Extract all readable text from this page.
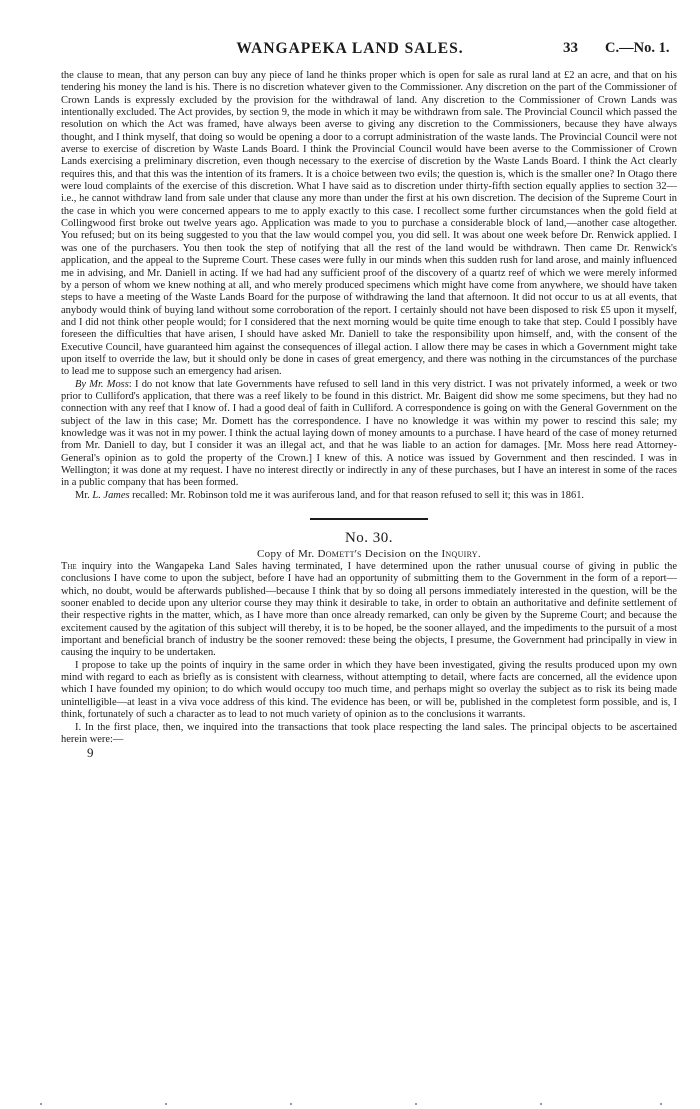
WANGAPEKA LAND SALES.	33 C.—No. 1.

the clause to mean, that any person can buy any piece of land he thinks proper which is open for sale as rural land at £2 an acre, and that on his tendering his money the land is his. There is no discretion whatever given to the Commissioner. Any discretion on the part of the Commissioner of Crown Lands is expressly excluded by the provision for the withdrawal of land. Any discretion to the Commissioner of Crown Lands was intentionally excluded. The Act provides, by section 9, the mode in which it may be withdrawn from sale. The Provincial Council which passed the resolution on which the Act was framed, have always been averse to giving any discretion to the Commissioners, because they have always thought, and I think myself, that doing so would be opening a door to a corrupt administration of the waste lands. The Provincial Council were not averse to exercise of discretion by Waste Lands Board. I think the Provincial Council would have been averse to the Commissioner of Crown Lands exercising a preliminary discretion, even though necessary to the exercise of discretion by the Waste Lands Board. I think the Act clearly requires this, and that this was the intention of its framers. It is a choice between two evils; the question is, which is the smaller one? In Otago there were loud complaints of the exercise of this discretion. What I have said as to discretion under thirty-fifth section equally applies to section 32—i.e., he cannot withdraw land from sale under that clause any more than under the first at his own discretion. The decision of the Supreme Court in the case in which you were concerned appears to me to apply exactly to this case. I recollect some further circumstances when the gold field at Collingwood first broke out twelve years ago. Application was made to you to purchase a considerable block of land,—another case altogether. You refused; but on its being suggested to you that the law would compel you, you did sell. It was about one week before Dr. Renwick applied. I was one of the purchasers. You then took the step of notifying that all the rest of the land would be withdrawn. Then came Dr. Renwick's application, and the appeal to the Supreme Court. These cases were fully in our minds when this sudden rush for land arose, and mainly influenced me in advising, and Mr. Daniell in acting. If we had had any sufficient proof of the discovery of a quartz reef of which we were merely informed by a person of whom we knew nothing at all, and who merely produced specimens which might have come from anywhere, we should have taken steps to have a meeting of the Waste Lands Board for the purpose of withdrawing the land that afternoon. It did not occur to us at all events, that anybody would think of buying land without some corroboration of the report. I certainly should not have been disposed to risk £5 upon it myself, and I did not think other people would; for I considered that the next morning would be quite time enough to take that step. Could I possibly have foreseen the difficulties that have arisen, I should have asked Mr. Daniell to take the responsibility upon himself, and, with the consent of the Executive Council, have guaranteed him against the consequences of illegal action. I allow there may be cases in which a Government might take upon itself to override the law, but it should only be done in cases of great emergency, and there was nothing in the circumstances of the purchase to lead me to suppose such an emergency had arisen.

By Mr. Moss: I do not know that late Governments have refused to sell land in this very district. I was not privately informed, a week or two prior to Culliford's application, that there was a reef likely to be found in this district. Mr. Baigent did show me some specimens, but they had no connection with any reef that I know of. I had a good deal of faith in Culliford. A correspondence is going on with the General Government on the subject of the law in this case; Mr. Domett has the correspondence. I have no knowledge it was within my power to rescind this sale; my knowledge was it was not in my power. I think the actual laying down of money amounts to a purchase. I have heard of the case of money returned from Mr. Daniell to day, but I consider it was an illegal act, and that he was liable to an action for damages. [Mr. Moss here read Attorney-General's opinion as to gold the property of the Crown.] I knew of this. A notice was issued by Government and then rescinded. I was in Wellington; it was done at my request. I have no interest directly or indirectly in any of these purchases, but I have an interest in some of the races in a public company that has been formed.

Mr. L. James recalled: Mr. Robinson told me it was auriferous land, and for that reason refused to sell it; this was in 1861.

No. 30.

Copy of Mr. Domett's Decision on the Inquiry.

The inquiry into the Wangapeka Land Sales having terminated, I have determined upon the rather unusual course of giving in public the conclusions I have come to upon the subject, before I have had an opportunity of submitting them to the Government in the form of a report—which, no doubt, would be afterwards published—because I think that by so doing all persons immediately interested in the question, will be the sooner enabled to decide upon any ulterior course they may think it desirable to take, in order to obtain an authoritative and definite settlement of their respective rights in the matter, which, as I have more than once already remarked, can only be given by the Supreme Court; and because the excitement caused by the agitation of this subject will thereby, it is to be hoped, be the sooner allayed, and the impediments to the pursuit of a most important and beneficial branch of industry be the sooner removed: these being the objects, I presume, the Government had principally in view in causing the inquiry to be undertaken.

I propose to take up the points of inquiry in the same order in which they have been investigated, giving the results produced upon my own mind with regard to each as briefly as is consistent with clearness, without attempting to detail, where facts are concerned, all the evidence upon which I have founded my opinion; to do which would occupy too much time, and perhaps might so overlay the subject as to risk its being made unintelligible—at least in a viva voce address of this kind. The evidence has been, or will be, published in the completest form possible, and is, I think, fortunately of such a character as to lead to not much variety of opinion as to the conclusions it warrants.

I. In the first place, then, we inquired into the transactions that took place respecting the land sales. The principal objects to be ascertained herein were:—

9
